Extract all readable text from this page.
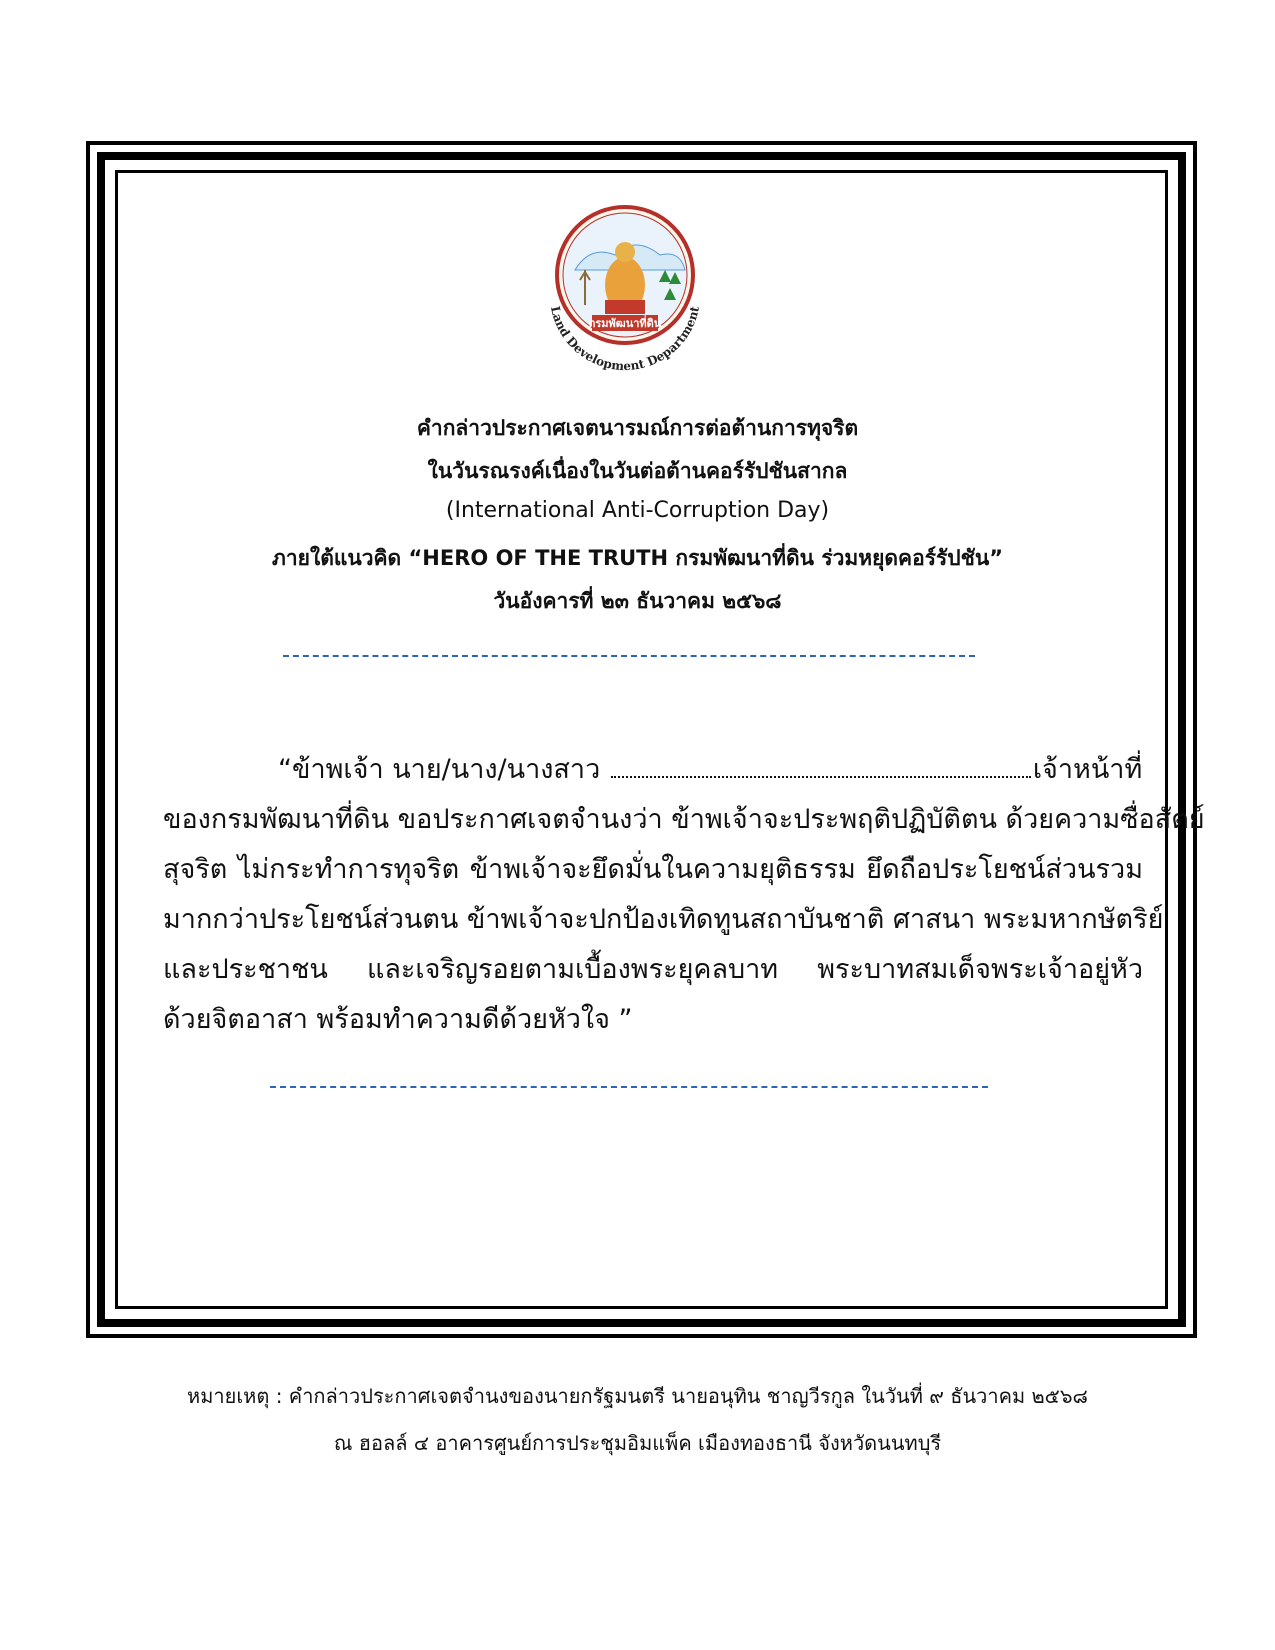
กรมพัฒนาที่ดิน
Land Development Department
คำกล่าวประกาศเจตนารมณ์การต่อต้านการทุจริต
ในวันรณรงค์เนื่องในวันต่อต้านคอร์รัปชันสากล
(International Anti-Corruption Day)
ภายใต้แนวคิด “HERO OF THE TRUTH กรมพัฒนาที่ดิน ร่วมหยุดคอร์รัปชัน”
วันอังคารที่ ๒๓ ธันวาคม ๒๕๖๘
“ข้าพเจ้า นาย/นาง/นางสาว	เจ้าหน้าที่
ของกรมพัฒนาที่ดิน ขอประกาศเจตจำนงว่า ข้าพเจ้าจะประพฤติปฏิบัติตน ด้วยความซื่อสัตย์
สุจริต ไม่กระทำการทุจริต ข้าพเจ้าจะยึดมั่นในความยุติธรรม ยึดถือประโยชน์ส่วนรวม
มากกว่าประโยชน์ส่วนตน ข้าพเจ้าจะปกป้องเทิดทูนสถาบันชาติ ศาสนา พระมหากษัตริย์
และประชาชน และเจริญรอยตามเบื้องพระยุคลบาท พระบาทสมเด็จพระเจ้าอยู่หัว
ด้วยจิตอาสา พร้อมทำความดีด้วยหัวใจ ”
หมายเหตุ : คำกล่าวประกาศเจตจำนงของนายกรัฐมนตรี นายอนุทิน ชาญวีรกูล ในวันที่ ๙ ธันวาคม ๒๕๖๘
ณ ฮอลล์ ๔ อาคารศูนย์การประชุมอิมแพ็ค เมืองทองธานี จังหวัดนนทบุรี
